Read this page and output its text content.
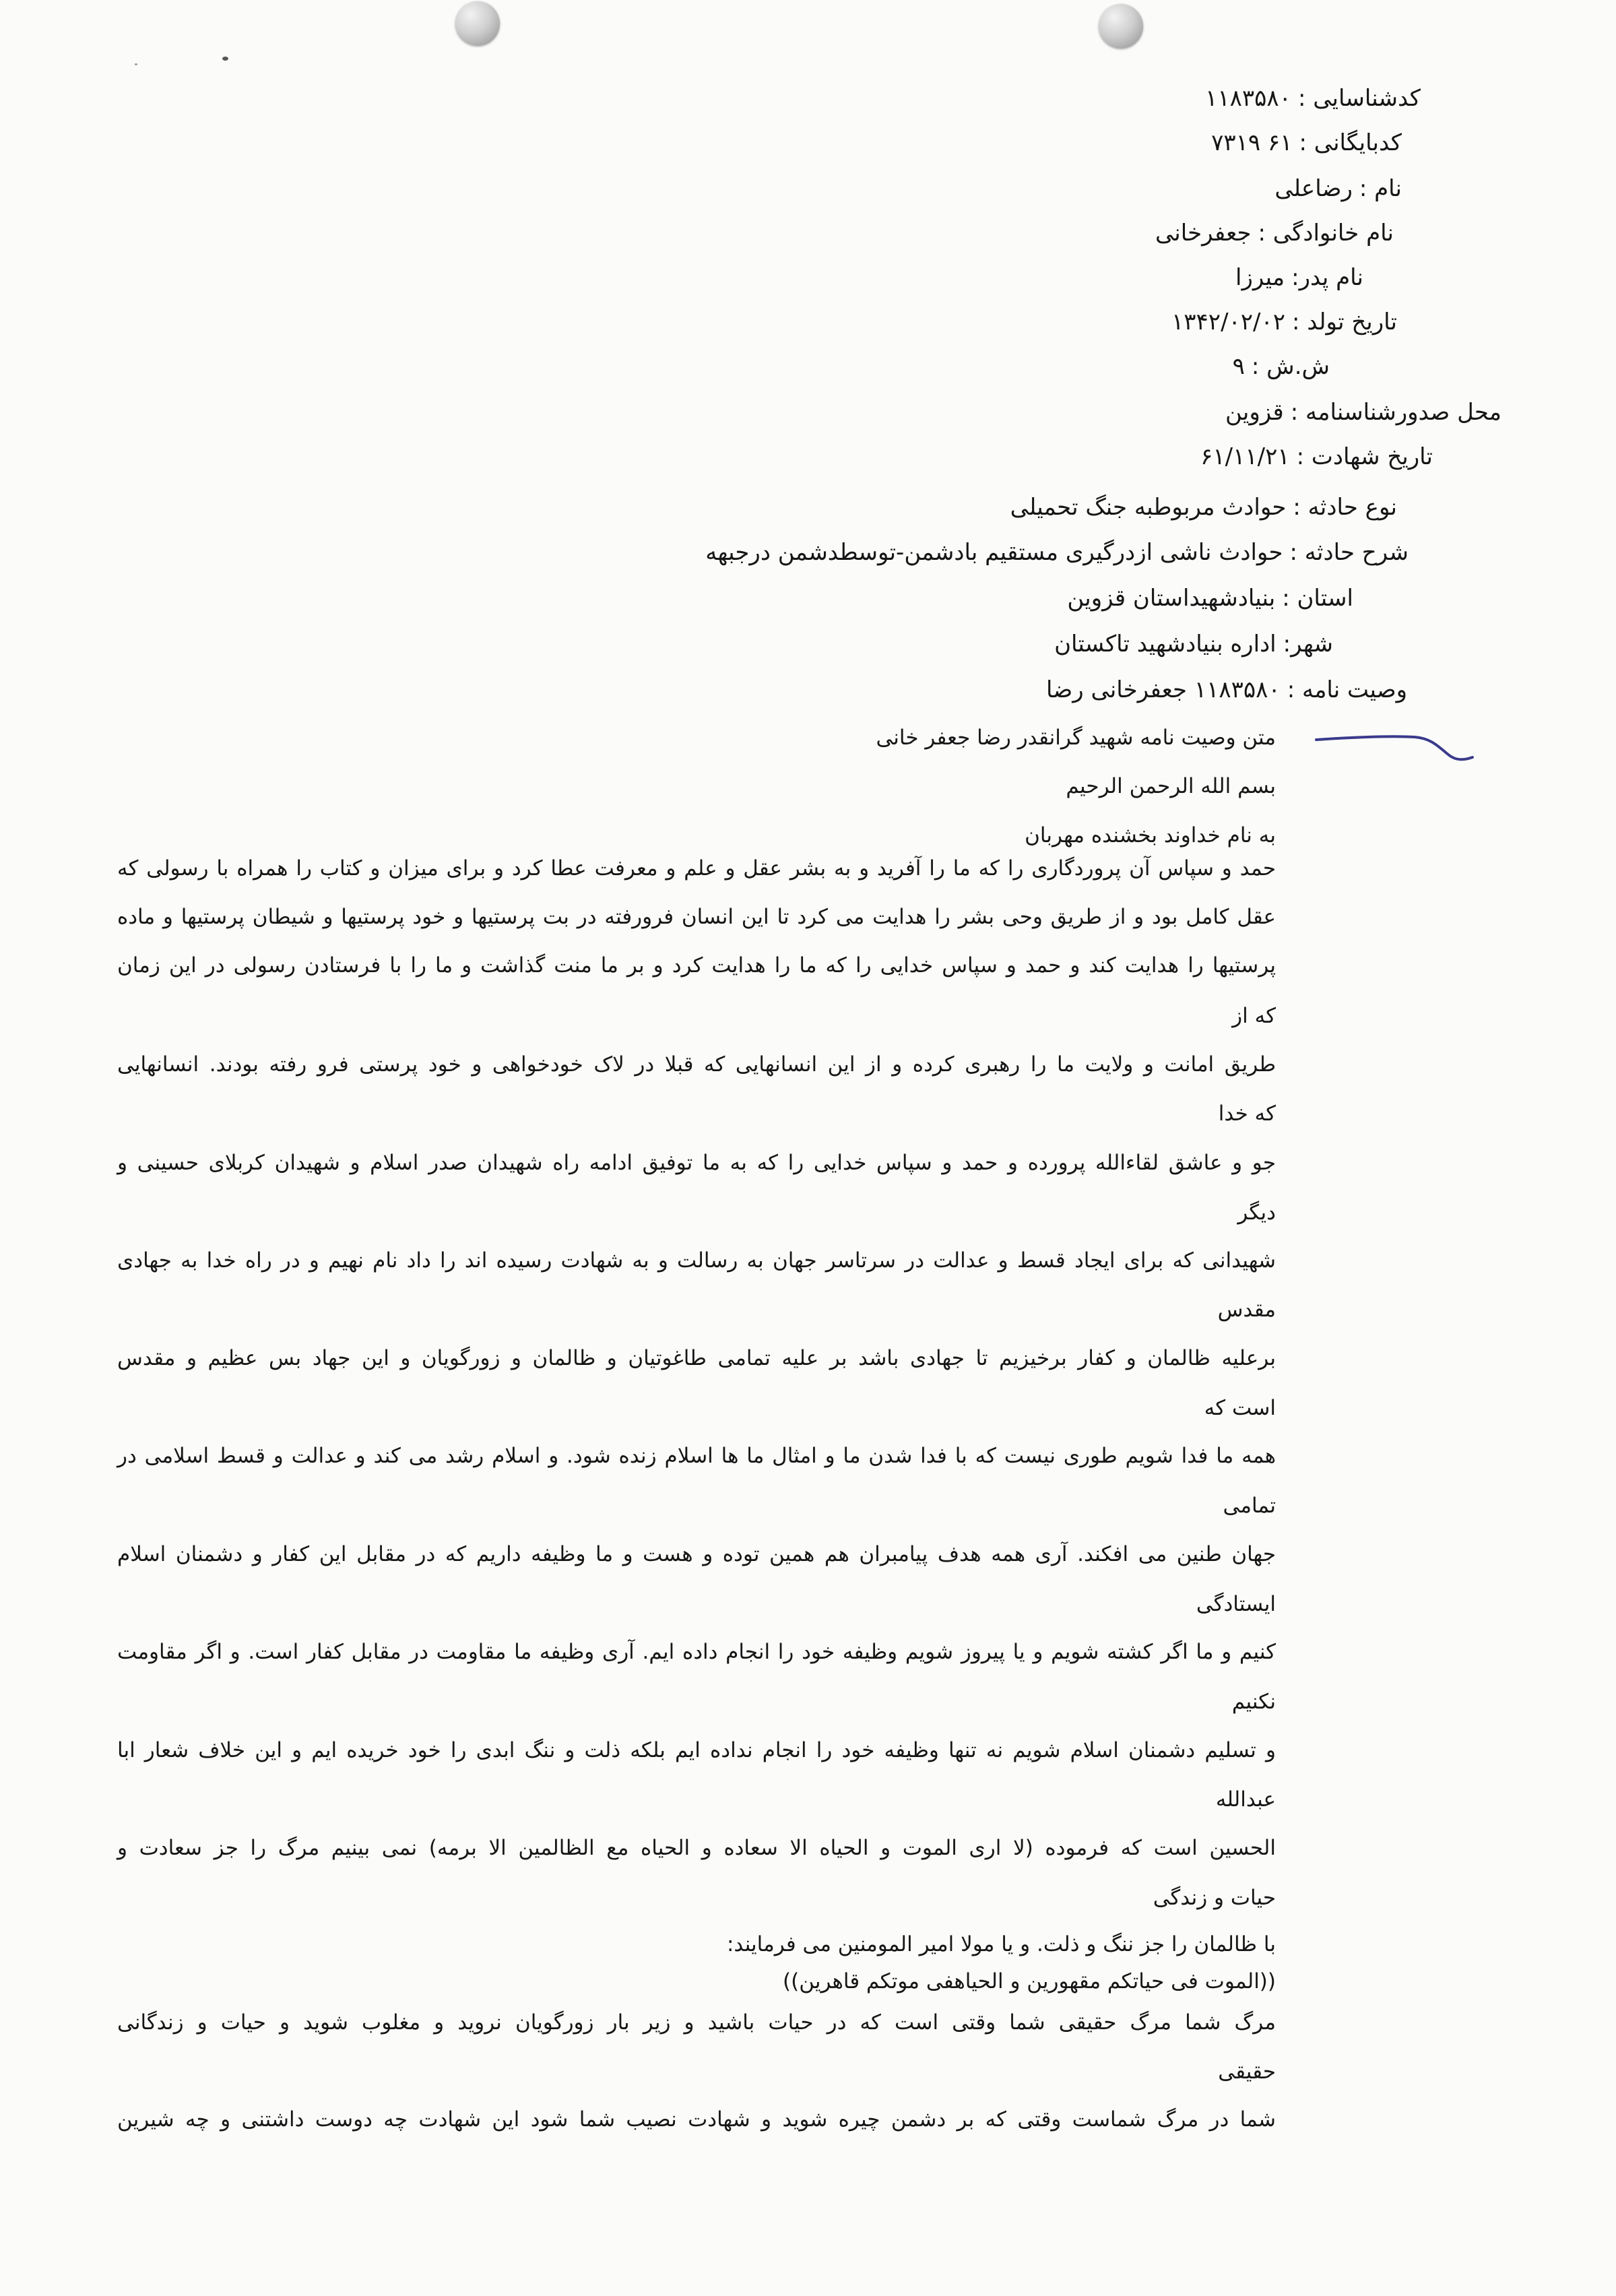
کدشناسایی :۱۱۸۳۵۸۰
کدبایگانی :۶۱ ۷۳۱۹
نام :رضاعلی
نام خانوادگی :جعفرخانی
نام پدر:میرزا
تاریخ تولد :۱۳۴۲/۰۲/۰۲
ش.ش :۹
محل صدورشناسنامه :قزوین
تاریخ شهادت :۶۱/۱۱/۲۱
نوع حادثه :حوادث مربوطبه جنگ تحمیلی
شرح حادثه :حوادث ناشی ازدرگیری مستقیم بادشمن-توسطدشمن درجبهه
استان :بنیادشهیداستان قزوین
شهر:اداره بنیادشهید تاکستان
وصیت نامه :۱۱۸۳۵۸۰ جعفرخانی رضا
متن وصیت نامه شهید گرانقدر رضا جعفر خانی
بسم الله الرحمن الرحیم
به نام خداوند بخشنده مهربان
حمد و سپاس آن پروردگاری را که ما را آفرید و به بشر عقل و علم و معرفت عطا کرد و برای میزان و کتاب را همراه با رسولی که
عقل کامل بود و از طریق وحی بشر را هدایت می کرد تا این انسان فرورفته در بت پرستیها و خود پرستیها و شیطان پرستیها و ماده
پرستیها را هدایت کند و حمد و سپاس خدایی را که ما را هدایت کرد و بر ما منت گذاشت و ما را با فرستادن رسولی در این زمان
که از
طریق امانت و ولایت ما را رهبری کرده و از این انسانهایی که قبلا در لاک خودخواهی و خود پرستی فرو رفته بودند. انسانهایی
که خدا
جو و عاشق لقاءالله پرورده و حمد و سپاس خدایی را که به ما توفیق ادامه راه شهیدان صدر اسلام و شهیدان کربلای حسینی و
دیگر
شهیدانی که برای ایجاد قسط و عدالت در سرتاسر جهان به رسالت و به شهادت رسیده اند را داد نام نهیم و در راه خدا به جهادی
مقدس
برعلیه ظالمان و کفار برخیزیم تا جهادی باشد بر علیه تمامی طاغوتیان و ظالمان و زورگویان و این جهاد بس عظیم و مقدس
است که
همه ما فدا شویم طوری نیست که با فدا شدن ما و امثال ما ها اسلام زنده شود. و اسلام رشد می کند و عدالت و قسط اسلامی در
تمامی
جهان طنین می افکند. آری همه هدف پیامبران هم همین توده و هست و ما وظیفه داریم که در مقابل این کفار و دشمنان اسلام
ایستادگی
کنیم و ما اگر کشته شویم و یا پیروز شویم وظیفه خود را انجام داده ایم. آری وظیفه ما مقاومت در مقابل کفار است. و اگر مقاومت
نکنیم
و تسلیم دشمنان اسلام شویم نه تنها وظیفه خود را انجام نداده ایم بلکه ذلت و ننگ ابدی را خود خریده ایم و این خلاف شعار ابا
عبدالله
الحسین است که فرموده (لا اری الموت و الحیاه الا سعاده و الحیاه مع الظالمین الا برمه) نمی بینیم مرگ را جز سعادت و
حیات و زندگی
با ظالمان را جز ننگ و ذلت. و یا مولا امیر المومنین می فرمایند:
((الموت فی حیاتکم مقهورین و الحیاهفی موتکم قاهرین))
مرگ شما مرگ حقیقی شما وقتی است که در حیات باشید و زیر بار زورگویان نروید و مغلوب شوید و حیات و زندگانی
حقیقی
شما در مرگ شماست وقتی که بر دشمن چیره شوید و شهادت نصیب شما شود این شهادت چه دوست داشتنی و چه شیرین
